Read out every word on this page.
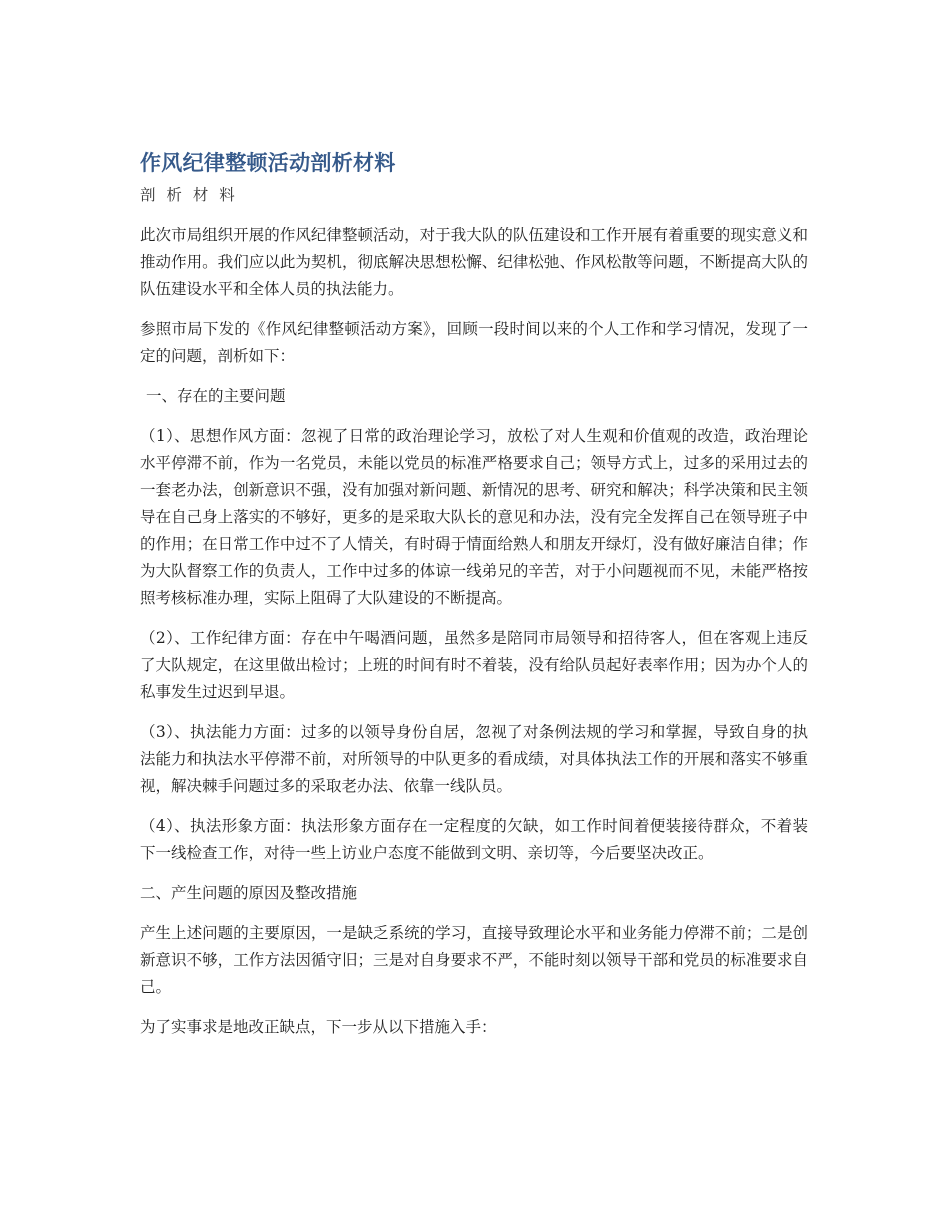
作风纪律整顿活动剖析材料
剖 析 材 料

此次市局组织开展的作风纪律整顿活动，对于我大队的队伍建设和工作开展有着重要的现实意义和推动作用。我们应以此为契机，彻底解决思想松懈、纪律松弛、作风松散等问题，不断提高大队的队伍建设水平和全体人员的执法能力。

参照市局下发的《作风纪律整顿活动方案》，回顾一段时间以来的个人工作和学习情况，发现了一定的问题，剖析如下：

一、存在的主要问题

（1）、思想作风方面：忽视了日常的政治理论学习，放松了对人生观和价值观的改造，政治理论水平停滞不前，作为一名党员，未能以党员的标准严格要求自己；领导方式上，过多的采用过去的一套老办法，创新意识不强，没有加强对新问题、新情况的思考、研究和解决；科学决策和民主领导在自己身上落实的不够好，更多的是采取大队长的意见和办法，没有完全发挥自己在领导班子中的作用；在日常工作中过不了人情关，有时碍于情面给熟人和朋友开绿灯，没有做好廉洁自律；作为大队督察工作的负责人，工作中过多的体谅一线弟兄的辛苦，对于小问题视而不见，未能严格按照考核标准办理，实际上阻碍了大队建设的不断提高。

（2）、工作纪律方面：存在中午喝酒问题，虽然多是陪同市局领导和招待客人，但在客观上违反了大队规定，在这里做出检讨；上班的时间有时不着装，没有给队员起好表率作用；因为办个人的私事发生过迟到早退。

（3）、执法能力方面：过多的以领导身份自居，忽视了对条例法规的学习和掌握，导致自身的执法能力和执法水平停滞不前，对所领导的中队更多的看成绩，对具体执法工作的开展和落实不够重视，解决棘手问题过多的采取老办法、依靠一线队员。

（4）、执法形象方面：执法形象方面存在一定程度的欠缺，如工作时间着便装接待群众，不着装下一线检查工作，对待一些上访业户态度不能做到文明、亲切等，今后要坚决改正。

二、产生问题的原因及整改措施

产生上述问题的主要原因，一是缺乏系统的学习，直接导致理论水平和业务能力停滞不前；二是创新意识不够，工作方法因循守旧；三是对自身要求不严，不能时刻以领导干部和党员的标准要求自己。

为了实事求是地改正缺点，下一步从以下措施入手：
